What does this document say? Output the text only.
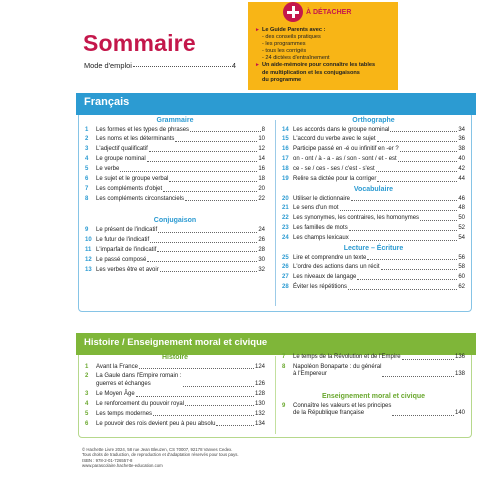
Sommaire
Mode d'emploi	4
À DÉTACHER
► Le Guide Parents avec :
- des conseils pratiques
- les programmes
- tous les corrigés
- 24 dictées d'entraînement
► Un aide-mémoire pour connaître les tables
de multiplication et les conjugaisons
du programme
Français
Grammaire
1	Les formes et les types de phrases	8
2	Les noms et les déterminants	10
3	L'adjectif qualificatif	12
4	Le groupe nominal	14
5	Le verbe	16
6	Le sujet et le groupe verbal	18
7	Les compléments d'objet	20
8	Les compléments circonstanciels	22
Conjugaison
9	Le présent de l'indicatif	24
10 Le futur de l'indicatif	26
11 L'imparfait de l'indicatif	28
12 Le passé composé	30
13 Les verbes être et avoir	32
Orthographe
14 Les accords dans le groupe nominal	34
15 L'accord du verbe avec le sujet	36
16 Participe passé en -é ou infinitif en -er ?	38
17 on - ont / à - a - as / son - sont / et - est	40
18 ce - se / ces - ses / c'est - s'est	42
19 Relire sa dictée pour la corriger	44
Vocabulaire
20 Utiliser le dictionnaire	46
21 Le sens d'un mot	48
22 Les synonymes, les contraires, les homonymes	50
23 Les familles de mots	52
24 Les champs lexicaux	54
Lecture – Écriture
25 Lire et comprendre un texte	56
26 L'ordre des actions dans un récit	58
27 Les niveaux de langage	60
28 Éviter les répétitions	62
Histoire / Enseignement moral et civique
Histoire
1	Avant la France	124
2	La Gaule dans l'Empire romain :
guerres et échanges	126
3	Le Moyen Âge	128
4	Le renforcement du pouvoir royal	130
5	Les temps modernes	132
6	Le pouvoir des rois devient peu à peu absolu	134
7	Le temps de la Révolution et de l'Empire	136
8	Napoléon Bonaparte : du général
à l'Empereur	138
Enseignement moral et civique
9	Connaître les valeurs et les principes
de la République française	140
© Hachette Livre 2024, 58 rue Jean Bleuzen, CS 70007, 92178 Vanves Cedex.
Tous droits de traduction, de reproduction et d'adaptation réservés pour tous pays.
ISBN : 978-2-01-726557-8
www.parascolaire.hachette-education.com
